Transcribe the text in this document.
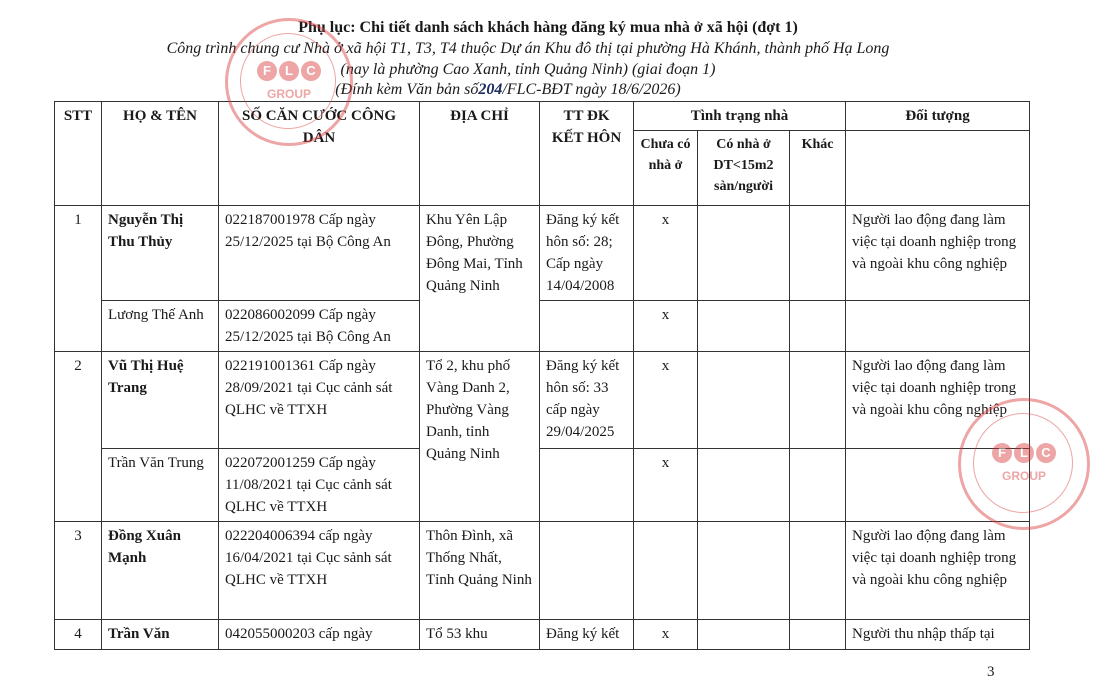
Phụ lục: Chi tiết danh sách khách hàng đăng ký mua nhà ở xã hội (đợt 1)
Công trình chung cư Nhà ở xã hội T1, T3, T4 thuộc Dự án Khu đô thị tại phường Hà Khánh, thành phố Hạ Long
(nay là phường Cao Xanh, tỉnh Quảng Ninh) (giai đoạn 1)
(Đính kèm Văn bản số204/FLC-BĐT ngày 18/6/2026)
STT	HỌ & TÊN	SỐ CĂN CƯỚC CÔNG DÂN	ĐỊA CHỈ	TT ĐK KẾT HÔN	Tình trạng nhà			Đối tượng
					Chưa có nhà ở	Có nhà ở DT<15m2 sàn/người	Khác	
1	Nguyễn Thị Thu Thủy	022187001978 Cấp ngày 25/12/2025 tại Bộ Công An	Khu Yên Lập Đông, Phường Đông Mai, Tỉnh Quảng Ninh	Đăng ký kết hôn số: 28; Cấp ngày 14/04/2008	x			Người lao động đang làm việc tại doanh nghiệp trong và ngoài khu công nghiệp
	Lương Thế Anh	022086002099 Cấp ngày 25/12/2025 tại Bộ Công An			x			
2	Vũ Thị Huệ Trang	022191001361 Cấp ngày 28/09/2021 tại Cục cảnh sát QLHC về TTXH	Tổ 2, khu phố Vàng Danh 2, Phường Vàng Danh, tỉnh Quảng Ninh	Đăng ký kết hôn số: 33 cấp ngày 29/04/2025	x			Người lao động đang làm việc tại doanh nghiệp trong và ngoài khu công nghiệp
	Trần Văn Trung	022072001259 Cấp ngày 11/08/2021 tại Cục cảnh sát QLHC về TTXH			x			
3	Đồng Xuân Mạnh	022204006394 cấp ngày 16/04/2021 tại Cục sảnh sát QLHC về TTXH	Thôn Đình, xã Thống Nhất, Tỉnh Quảng Ninh					Người lao động đang làm việc tại doanh nghiệp trong và ngoài khu công nghiệp
4	Trần Văn	042055000203 cấp ngày	Tổ 53 khu	Đăng ký kết	x			Người thu nhập thấp tại
F L C
GROUP
F L C
GROUP
3
